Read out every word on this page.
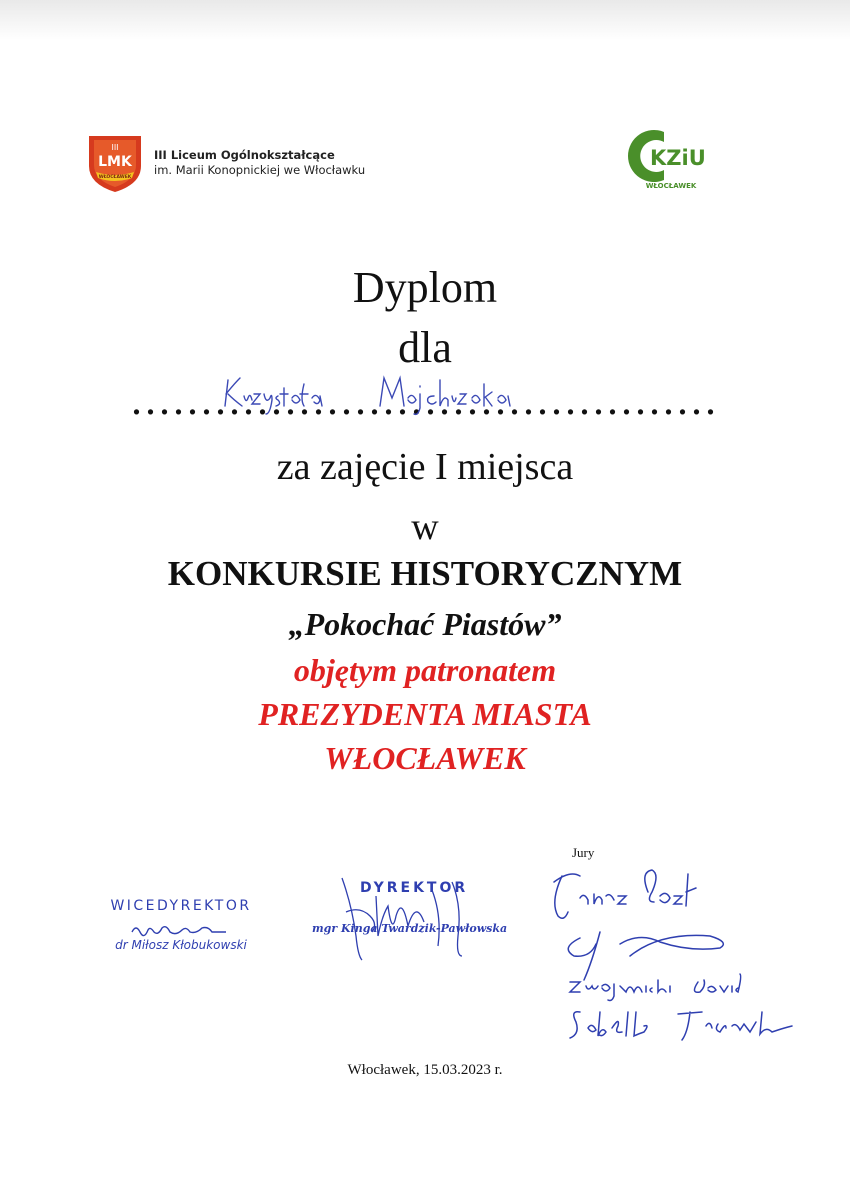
III
LMK
WŁOCŁAWEK
III Liceum Ogólnokształcące
im. Marii Konopnickiej we Włocławku	KZiU
WŁOCŁAWEK
Dyplom
dla
..........................................
za zajęcie I miejsca
w
KONKURSIE HISTORYCZNYM
„Pokochać Piastów”
objętym patronatem
PREZYDENTA MIASTA
WŁOCŁAWEK
WICEDYREKTOR
dr Miłosz Kłobukowski
DYREKTOR
mgr Kinga Twardzik-Pawłowska
Jury
Włocławek, 15.03.2023 r.
